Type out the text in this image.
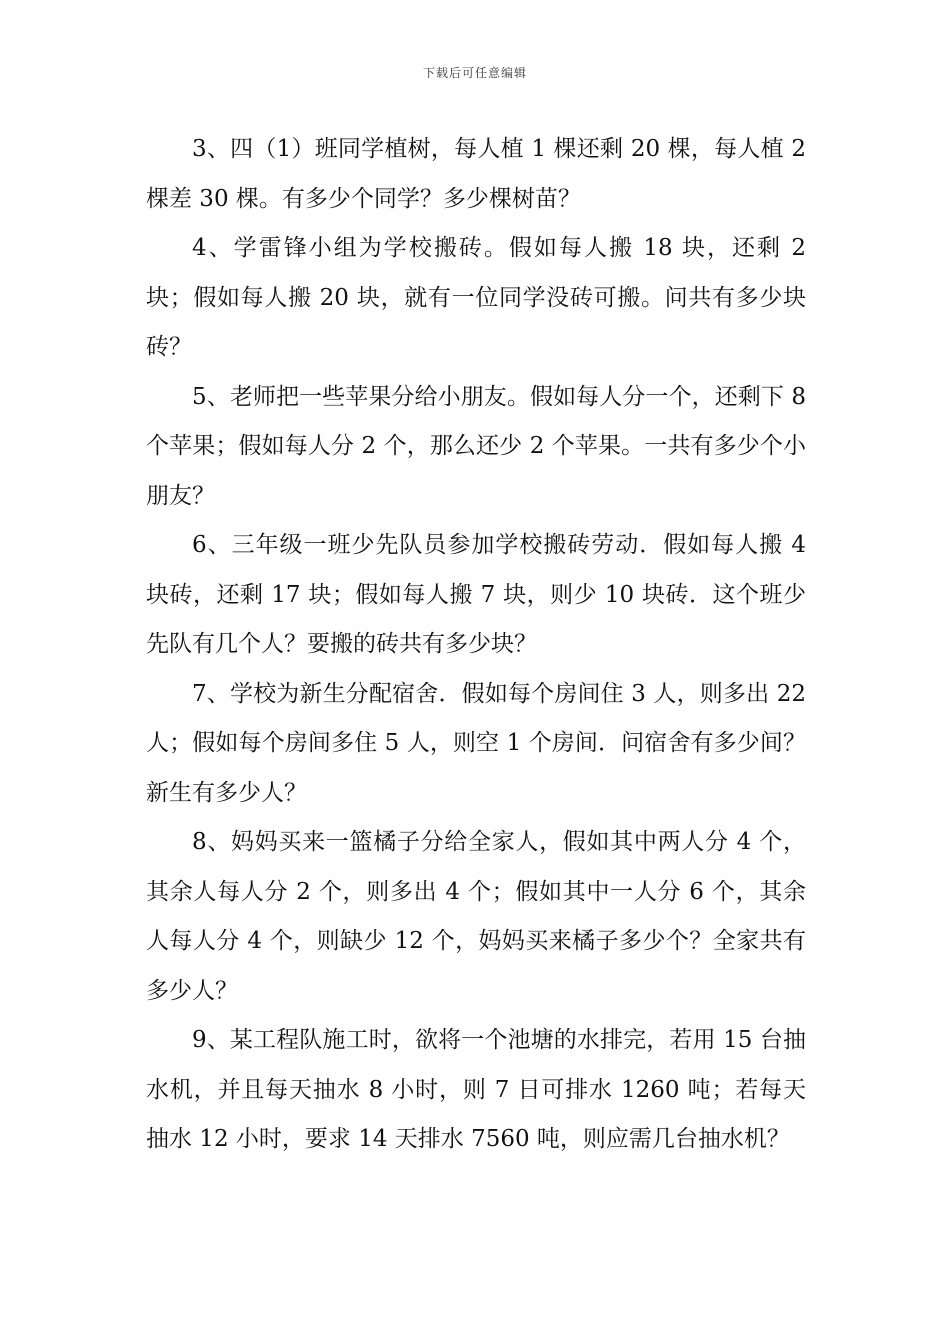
下载后可任意编辑

3、四（1）班同学植树，每人植 1 棵还剩 20 棵，每人植 2 棵差 30 棵。有多少个同学？多少棵树苗？

4、学雷锋小组为学校搬砖。假如每人搬 18 块，还剩 2 块；假如每人搬 20 块，就有一位同学没砖可搬。问共有多少块砖？

5、老师把一些苹果分给小朋友。假如每人分一个，还剩下 8 个苹果；假如每人分 2 个，那么还少 2 个苹果。一共有多少个小朋友？

6、三年级一班少先队员参加学校搬砖劳动．假如每人搬 4 块砖，还剩 17 块；假如每人搬 7 块，则少 10 块砖．这个班少先队有几个人？要搬的砖共有多少块？

7、学校为新生分配宿舍．假如每个房间住 3 人，则多出 22 人；假如每个房间多住 5 人，则空 1 个房间．问宿舍有多少间？新生有多少人？

8、妈妈买来一篮橘子分给全家人，假如其中两人分 4 个，其余人每人分 2 个，则多出 4 个；假如其中一人分 6 个，其余人每人分 4 个，则缺少 12 个，妈妈买来橘子多少个？全家共有多少人？

9、某工程队施工时，欲将一个池塘的水排完，若用 15 台抽水机，并且每天抽水 8 小时，则 7 日可排水 1260 吨；若每天抽水 12 小时，要求 14 天排水 7560 吨，则应需几台抽水机？
